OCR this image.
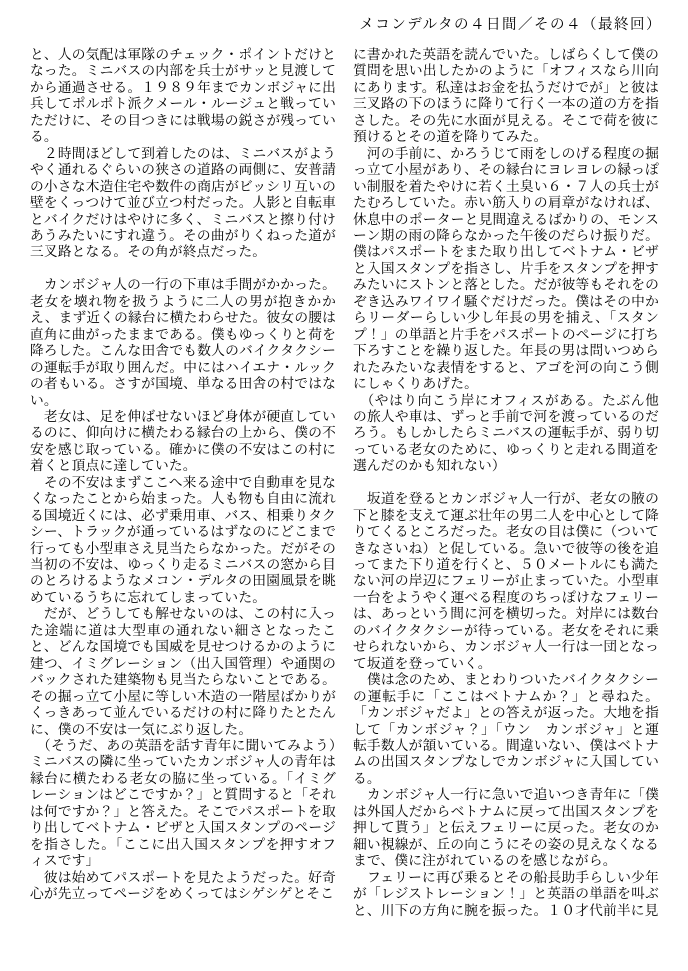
メコンデルタの４日間／その４（最終回）

と、人の気配は軍隊のチェック・ポイントだけとなった。ミニバスの内部を兵士がサッと見渡してから通過させる。１９８９年までカンボジャに出兵してポルポト派クメール・ルージュと戦っていただけに、その目つきには戦場の鋭さが残っている。

　２時間ほどして到着したのは、ミニバスがようやく通れるぐらいの狭さの道路の両側に、安普請の小さな木造住宅や数件の商店がビッシリ互いの壁をくっつけて並び立つ村だった。人影と自転車とバイクだけはやけに多く、ミニバスと擦り付けあうみたいにすれ違う。その曲がりくねった道が三叉路となる。その角が終点だった。

　カンボジャ人の一行の下車は手間がかかった。老女を壊れ物を扱うように二人の男が抱きかかえ、まず近くの縁台に横たわらせた。彼女の腰は直角に曲がったままである。僕もゆっくりと荷を降ろした。こんな田舎でも数人のバイクタクシーの運転手が取り囲んだ。中にはハイエナ・ルックの者もいる。さすが国境、単なる田舎の村ではない。

　老女は、足を伸ばせないほど身体が硬直しているのに、仰向けに横たわる縁台の上から、僕の不安を感じ取っている。確かに僕の不安はこの村に着くと頂点に達していた。

　その不安はまずここへ来る途中で自動車を見なくなったことから始まった。人も物も自由に流れる国境近くには、必ず乗用車、バス、相乗りタクシー、トラックが通っているはずなのにどこまで行っても小型車さえ見当たらなかった。だがその当初の不安は、ゆっくり走るミニバスの窓から目のとろけるようなメコン・デルタの田園風景を眺めているうちに忘れてしまっていた。

　だが、どうしても解せないのは、この村に入った途端に道は大型車の通れない細さとなったこと、どんな国境でも国威を見せつけるかのように建つ、イミグレーション（出入国管理）や通関のバックされた建築物も見当たらないことである。その掘っ立て小屋に等しい木造の一階屋ばかりがくっきあって並んでいるだけの村に降りたとたんに、僕の不安は一気にぶり返した。

　（そうだ、あの英語を話す青年に聞いてみよう）ミニバスの隣に坐っていたカンボジャ人の青年は縁台に横たわる老女の脇に坐っている。「イミグレーションはどこですか？」と質問すると「それは何ですか？」と答えた。そこでパスポートを取り出してベトナム・ビザと入国スタンプのページを指さした。「ここに出入国スタンプを押すオフィスです」

　彼は始めてパスポートを見たようだった。好奇心が先立ってページをめくってはシゲシゲとそこ

に書かれた英語を読んでいた。しばらくして僕の質問を思い出したかのように「オフィスなら川向にあります。私達はお金を払うだけでが」と彼は三叉路の下のほうに降りて行く一本の道の方を指さした。その先に水面が見える。そこで荷を彼に預けるとその道を降りてみた。

　河の手前に、かろうじて雨をしのげる程度の掘っ立て小屋があり、その縁台にヨレヨレの緑っぽい制服を着たやけに若く土臭い６・７人の兵士がたむろしていた。赤い筋入りの肩章がなければ、休息中のポーターと見間違えるばかりの、モンスーン期の雨の降らなかった午後のだらけ振りだ。僕はパスポートをまた取り出してベトナム・ビザと入国スタンプを指さし、片手をスタンプを押すみたいにストンと落とした。だが彼等もそれをのぞき込みワイワイ騒ぐだけだった。僕はその中からリーダーらしい少し年長の男を捕え、「スタンプ！」の単語と片手をパスポートのページに打ち下ろすことを繰り返した。年長の男は問いつめられたみたいな表情をすると、アゴを河の向こう側にしゃくりあげた。

　（やはり向こう岸にオフィスがある。たぶん他の旅人や車は、ずっと手前で河を渡っているのだろう。もしかしたらミニバスの運転手が、弱り切っている老女のために、ゆっくりと走れる間道を選んだのかも知れない）

　坂道を登るとカンボジャ人一行が、老女の腋の下と膝を支えて運ぶ壮年の男二人を中心として降りてくるところだった。老女の目は僕に（ついてきなさいね）と促している。急いで彼等の後を追ってまた下り道を行くと、５０メートルにも満たない河の岸辺にフェリーが止まっていた。小型車一台をようやく運べる程度のちっぽけなフェリーは、あっという間に河を横切った。対岸には数台のバイクタクシーが待っている。老女をそれに乗せられないから、カンボジャ人一行は一団となって坂道を登っていく。

　僕は念のため、まとわりついたバイクタクシーの運転手に「ここはベトナムか？」と尋ねた。「カンボジャだよ」との答えが返った。大地を指して「カンボジャ？」「ウン　カンボジャ」と運転手数人が頷いている。間違いない、僕はベトナムの出国スタンプなしでカンボジャに入国している。

　カンボジャ人一行に急いで追いつき青年に「僕は外国人だからベトナムに戻って出国スタンプを押して貰う」と伝えフェリーに戻った。老女のか細い視線が、丘の向こうにその姿の見えなくなるまで、僕に注がれているのを感じながら。

　フェリーに再び乗るとその船長助手らしい少年が「レジストレーション！」と英語の単語を叫ぶと、川下の方角に腕を振った。１０才代前半に見
